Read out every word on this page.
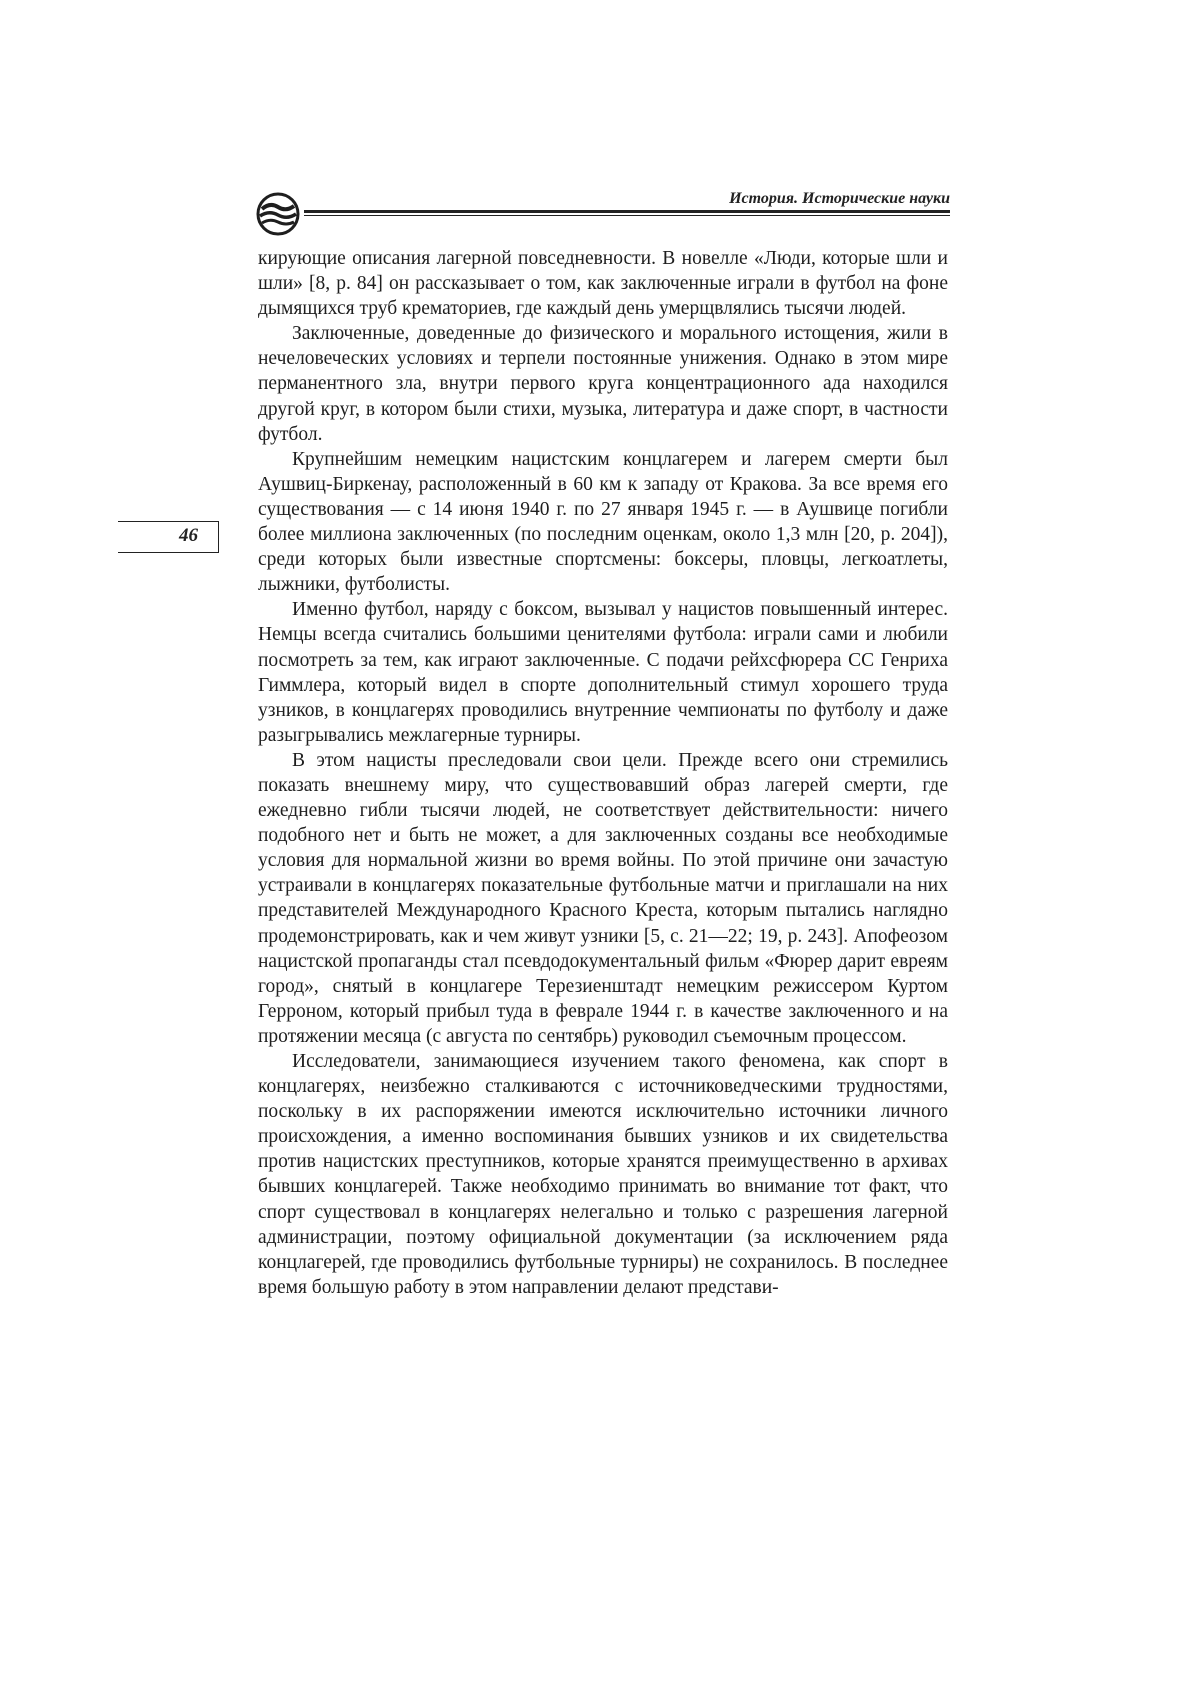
История. Исторические науки
46

кирующие описания лагерной повседневности. В новелле «Люди, которые шли и шли» [8, p. 84] он рассказывает о том, как заключенные играли в футбол на фоне дымящихся труб крематориев, где каждый день умерщвлялись тысячи людей.

Заключенные, доведенные до физического и морального истощения, жили в нечеловеческих условиях и терпели постоянные унижения. Однако в этом мире перманентного зла, внутри первого круга концентрационного ада находился другой круг, в котором были стихи, музыка, литература и даже спорт, в частности футбол.

Крупнейшим немецким нацистским концлагерем и лагерем смерти был Аушвиц-Биркенау, расположенный в 60 км к западу от Кракова. За все время его существования — с 14 июня 1940 г. по 27 января 1945 г. — в Аушвице погибли более миллиона заключенных (по последним оценкам, около 1,3 млн [20, p. 204]), среди которых были известные спортсмены: боксеры, пловцы, легкоатлеты, лыжники, футболисты.

Именно футбол, наряду с боксом, вызывал у нацистов повышенный интерес. Немцы всегда считались большими ценителями футбола: играли сами и любили посмотреть за тем, как играют заключенные. С подачи рейхсфюрера СС Генриха Гиммлера, который видел в спорте дополнительный стимул хорошего труда узников, в концлагерях проводились внутренние чемпионаты по футболу и даже разыгрывались межлагерные турниры.

В этом нацисты преследовали свои цели. Прежде всего они стремились показать внешнему миру, что существовавший образ лагерей смерти, где ежедневно гибли тысячи людей, не соответствует действительности: ничего подобного нет и быть не может, а для заключенных созданы все необходимые условия для нормальной жизни во время войны. По этой причине они зачастую устраивали в концлагерях показательные футбольные матчи и приглашали на них представителей Международного Красного Креста, которым пытались наглядно продемонстрировать, как и чем живут узники [5, с. 21—22; 19, p. 243]. Апофеозом нацистской пропаганды стал псевдодокументальный фильм «Фюрер дарит евреям город», снятый в концлагере Терезиенштадт немецким режиссером Куртом Герроном, который прибыл туда в феврале 1944 г. в качестве заключенного и на протяжении месяца (с августа по сентябрь) руководил съемочным процессом.

Исследователи, занимающиеся изучением такого феномена, как спорт в концлагерях, неизбежно сталкиваются с источниковедческими трудностями, поскольку в их распоряжении имеются исключительно источники личного происхождения, а именно воспоминания бывших узников и их свидетельства против нацистских преступников, которые хранятся преимущественно в архивах бывших концлагерей. Также необходимо принимать во внимание тот факт, что спорт существовал в концлагерях нелегально и только с разрешения лагерной администрации, поэтому официальной документации (за исключением ряда концлагерей, где проводились футбольные турниры) не сохранилось. В последнее время большую работу в этом направлении делают представи-
